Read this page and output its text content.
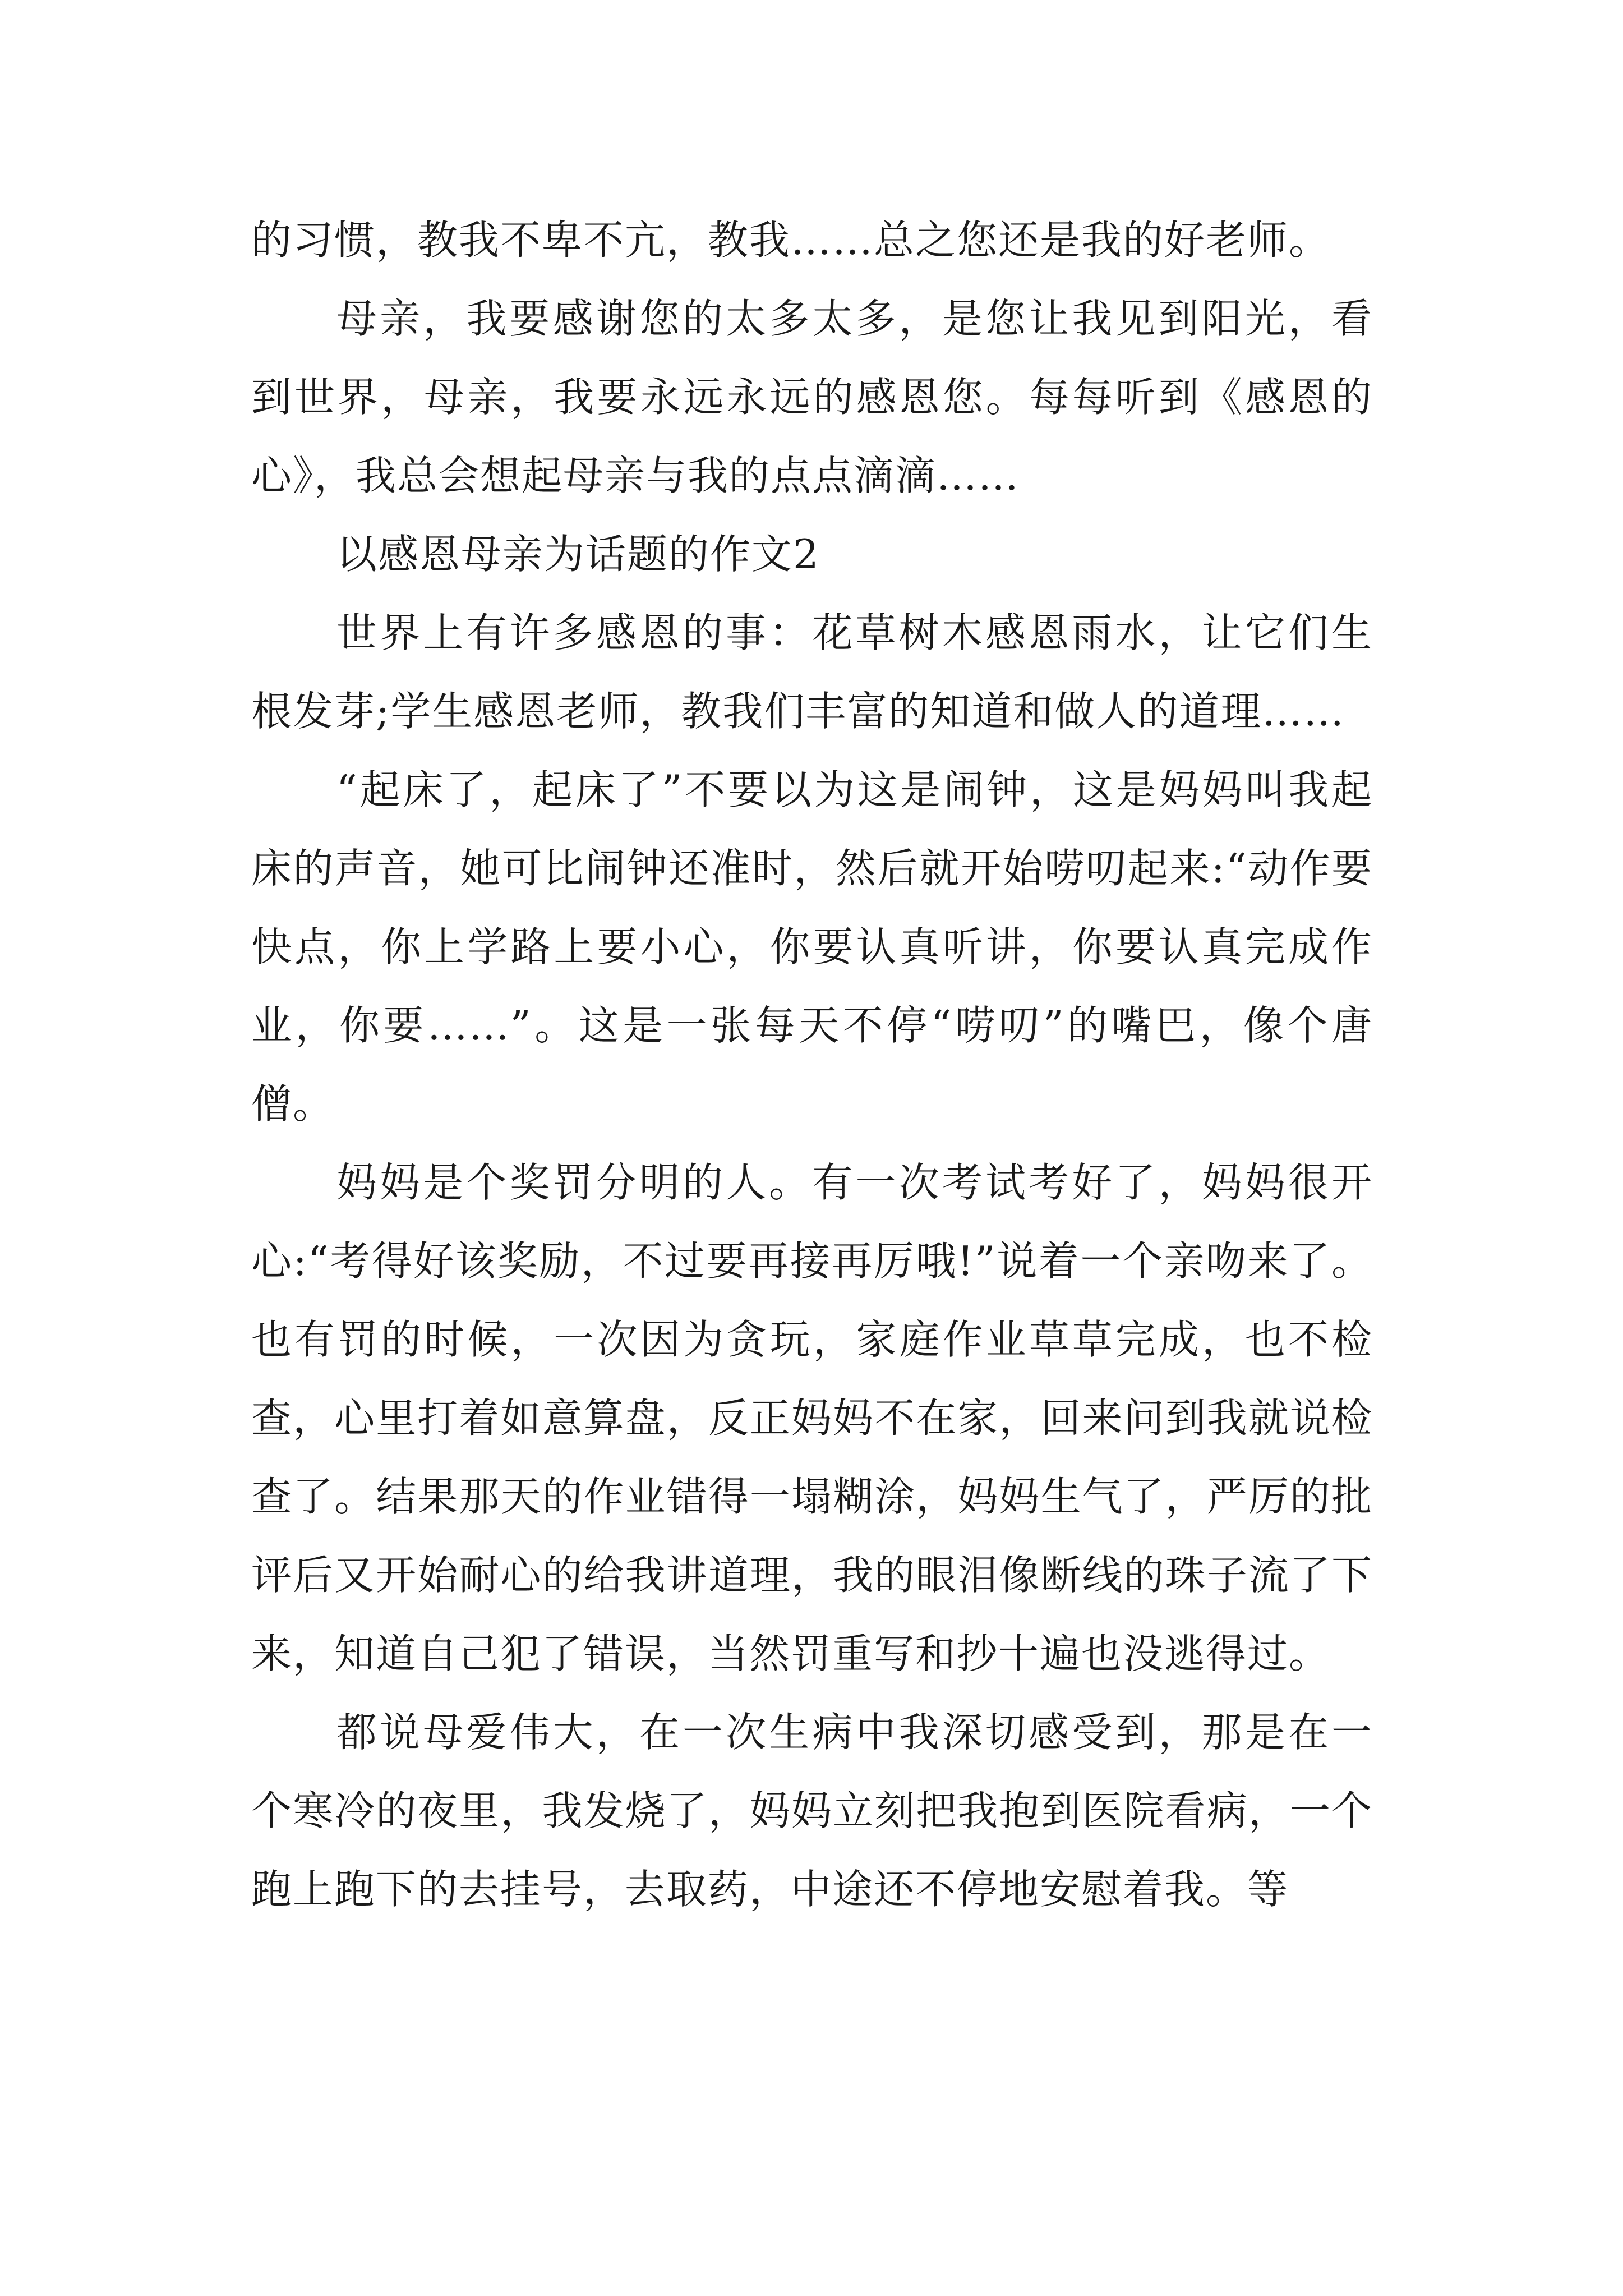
的习惯，教我不卑不亢，教我……总之您还是我的好老师。

母亲，我要感谢您的太多太多，是您让我见到阳光，看到世界，母亲，我要永远永远的感恩您。每每听到《感恩的心》，我总会想起母亲与我的点点滴滴……

以感恩母亲为话题的作文2

世界上有许多感恩的事：花草树木感恩雨水，让它们生根发芽;学生感恩老师，教我们丰富的知道和做人的道理……

“起床了，起床了”不要以为这是闹钟，这是妈妈叫我起床的声音，她可比闹钟还准时，然后就开始唠叨起来:“动作要快点，你上学路上要小心，你要认真听讲，你要认真完成作业，你要……”。这是一张每天不停“唠叨”的嘴巴，像个唐僧。

妈妈是个奖罚分明的人。有一次考试考好了，妈妈很开心:“考得好该奖励，不过要再接再厉哦!”说着一个亲吻来了。也有罚的时候，一次因为贪玩，家庭作业草草完成，也不检查，心里打着如意算盘，反正妈妈不在家，回来问到我就说检查了。结果那天的作业错得一塌糊涂，妈妈生气了，严厉的批评后又开始耐心的给我讲道理，我的眼泪像断线的珠子流了下来，知道自己犯了错误，当然罚重写和抄十遍也没逃得过。

都说母爱伟大，在一次生病中我深切感受到，那是在一个寒冷的夜里，我发烧了，妈妈立刻把我抱到医院看病，一个跑上跑下的去挂号，去取药，中途还不停地安慰着我。等
